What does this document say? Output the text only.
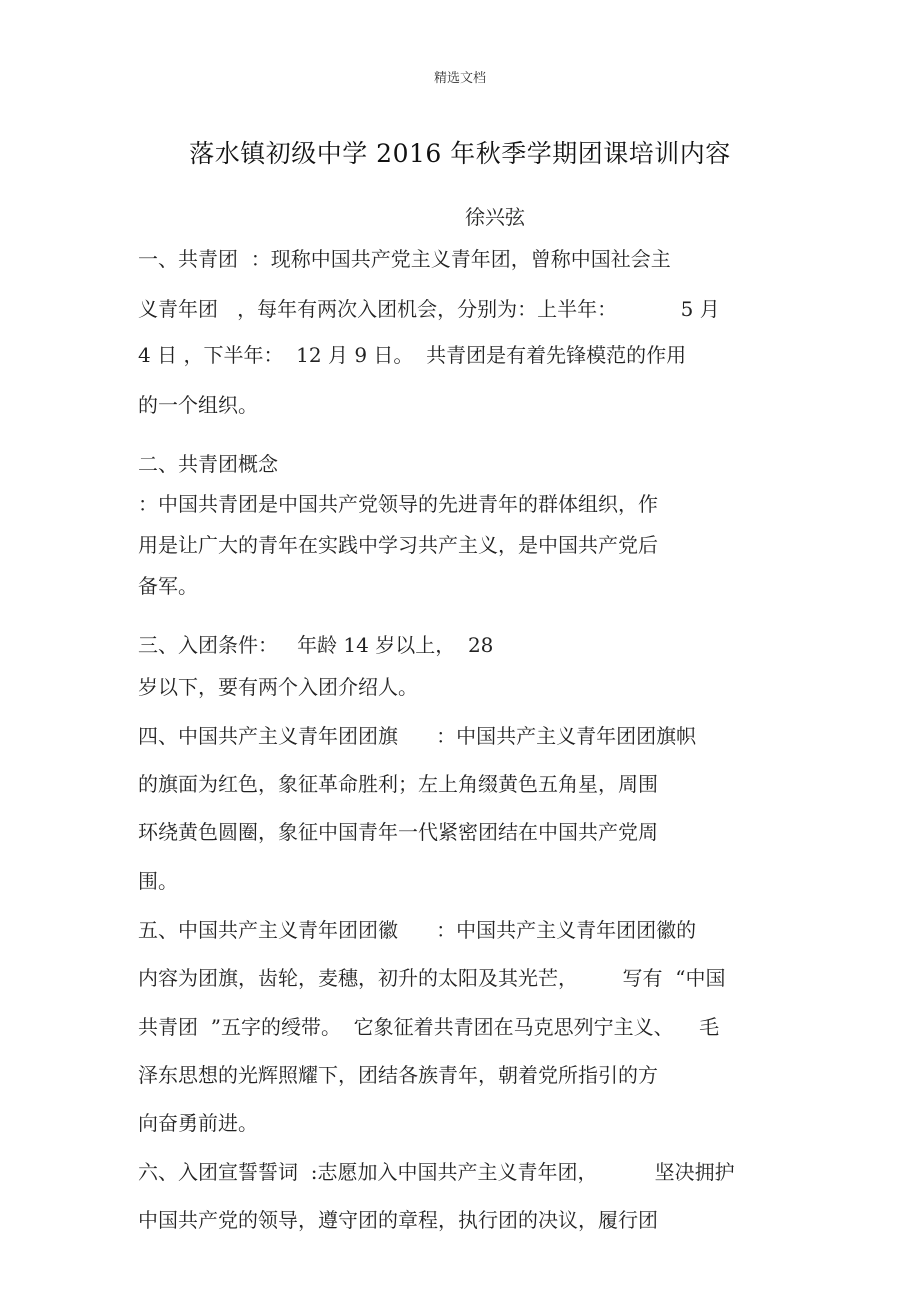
精选文档
落水镇初级中学 2016 年秋季学期团课培训内容
徐兴弦
一、共青团  ：现称中国共产党主义青年团，曾称中国社会主
义青年团   ，每年有两次入团机会，分别为：上半年：          5 月
4 日 ，下半年：  12 月 9 日。  共青团是有着先锋模范的作用
的一个组织。
二、共青团概念
：中国共青团是中国共产党领导的先进青年的群体组织，作
用是让广大的青年在实践中学习共产主义，是中国共产党后
备军。
三、入团条件：   年龄 14 岁以上，  28
岁以下，要有两个入团介绍人。
四、中国共产主义青年团团旗      ：中国共产主义青年团团旗帜
的旗面为红色，象征革命胜利；左上角缀黄色五角星，周围
环绕黄色圆圈，象征中国青年一代紧密团结在中国共产党周
围。
五、中国共产主义青年团团徽      ：中国共产主义青年团团徽的
内容为团旗，齿轮，麦穗，初升的太阳及其光芒，       写有  “中国
共青团  ”五字的绶带。  它象征着共青团在马克思列宁主义、    毛
泽东思想的光辉照耀下，团结各族青年，朝着党所指引的方
向奋勇前进。
六、入团宣誓誓词  :志愿加入中国共产主义青年团，         坚决拥护
中国共产党的领导，遵守团的章程，执行团的决议，履行团
